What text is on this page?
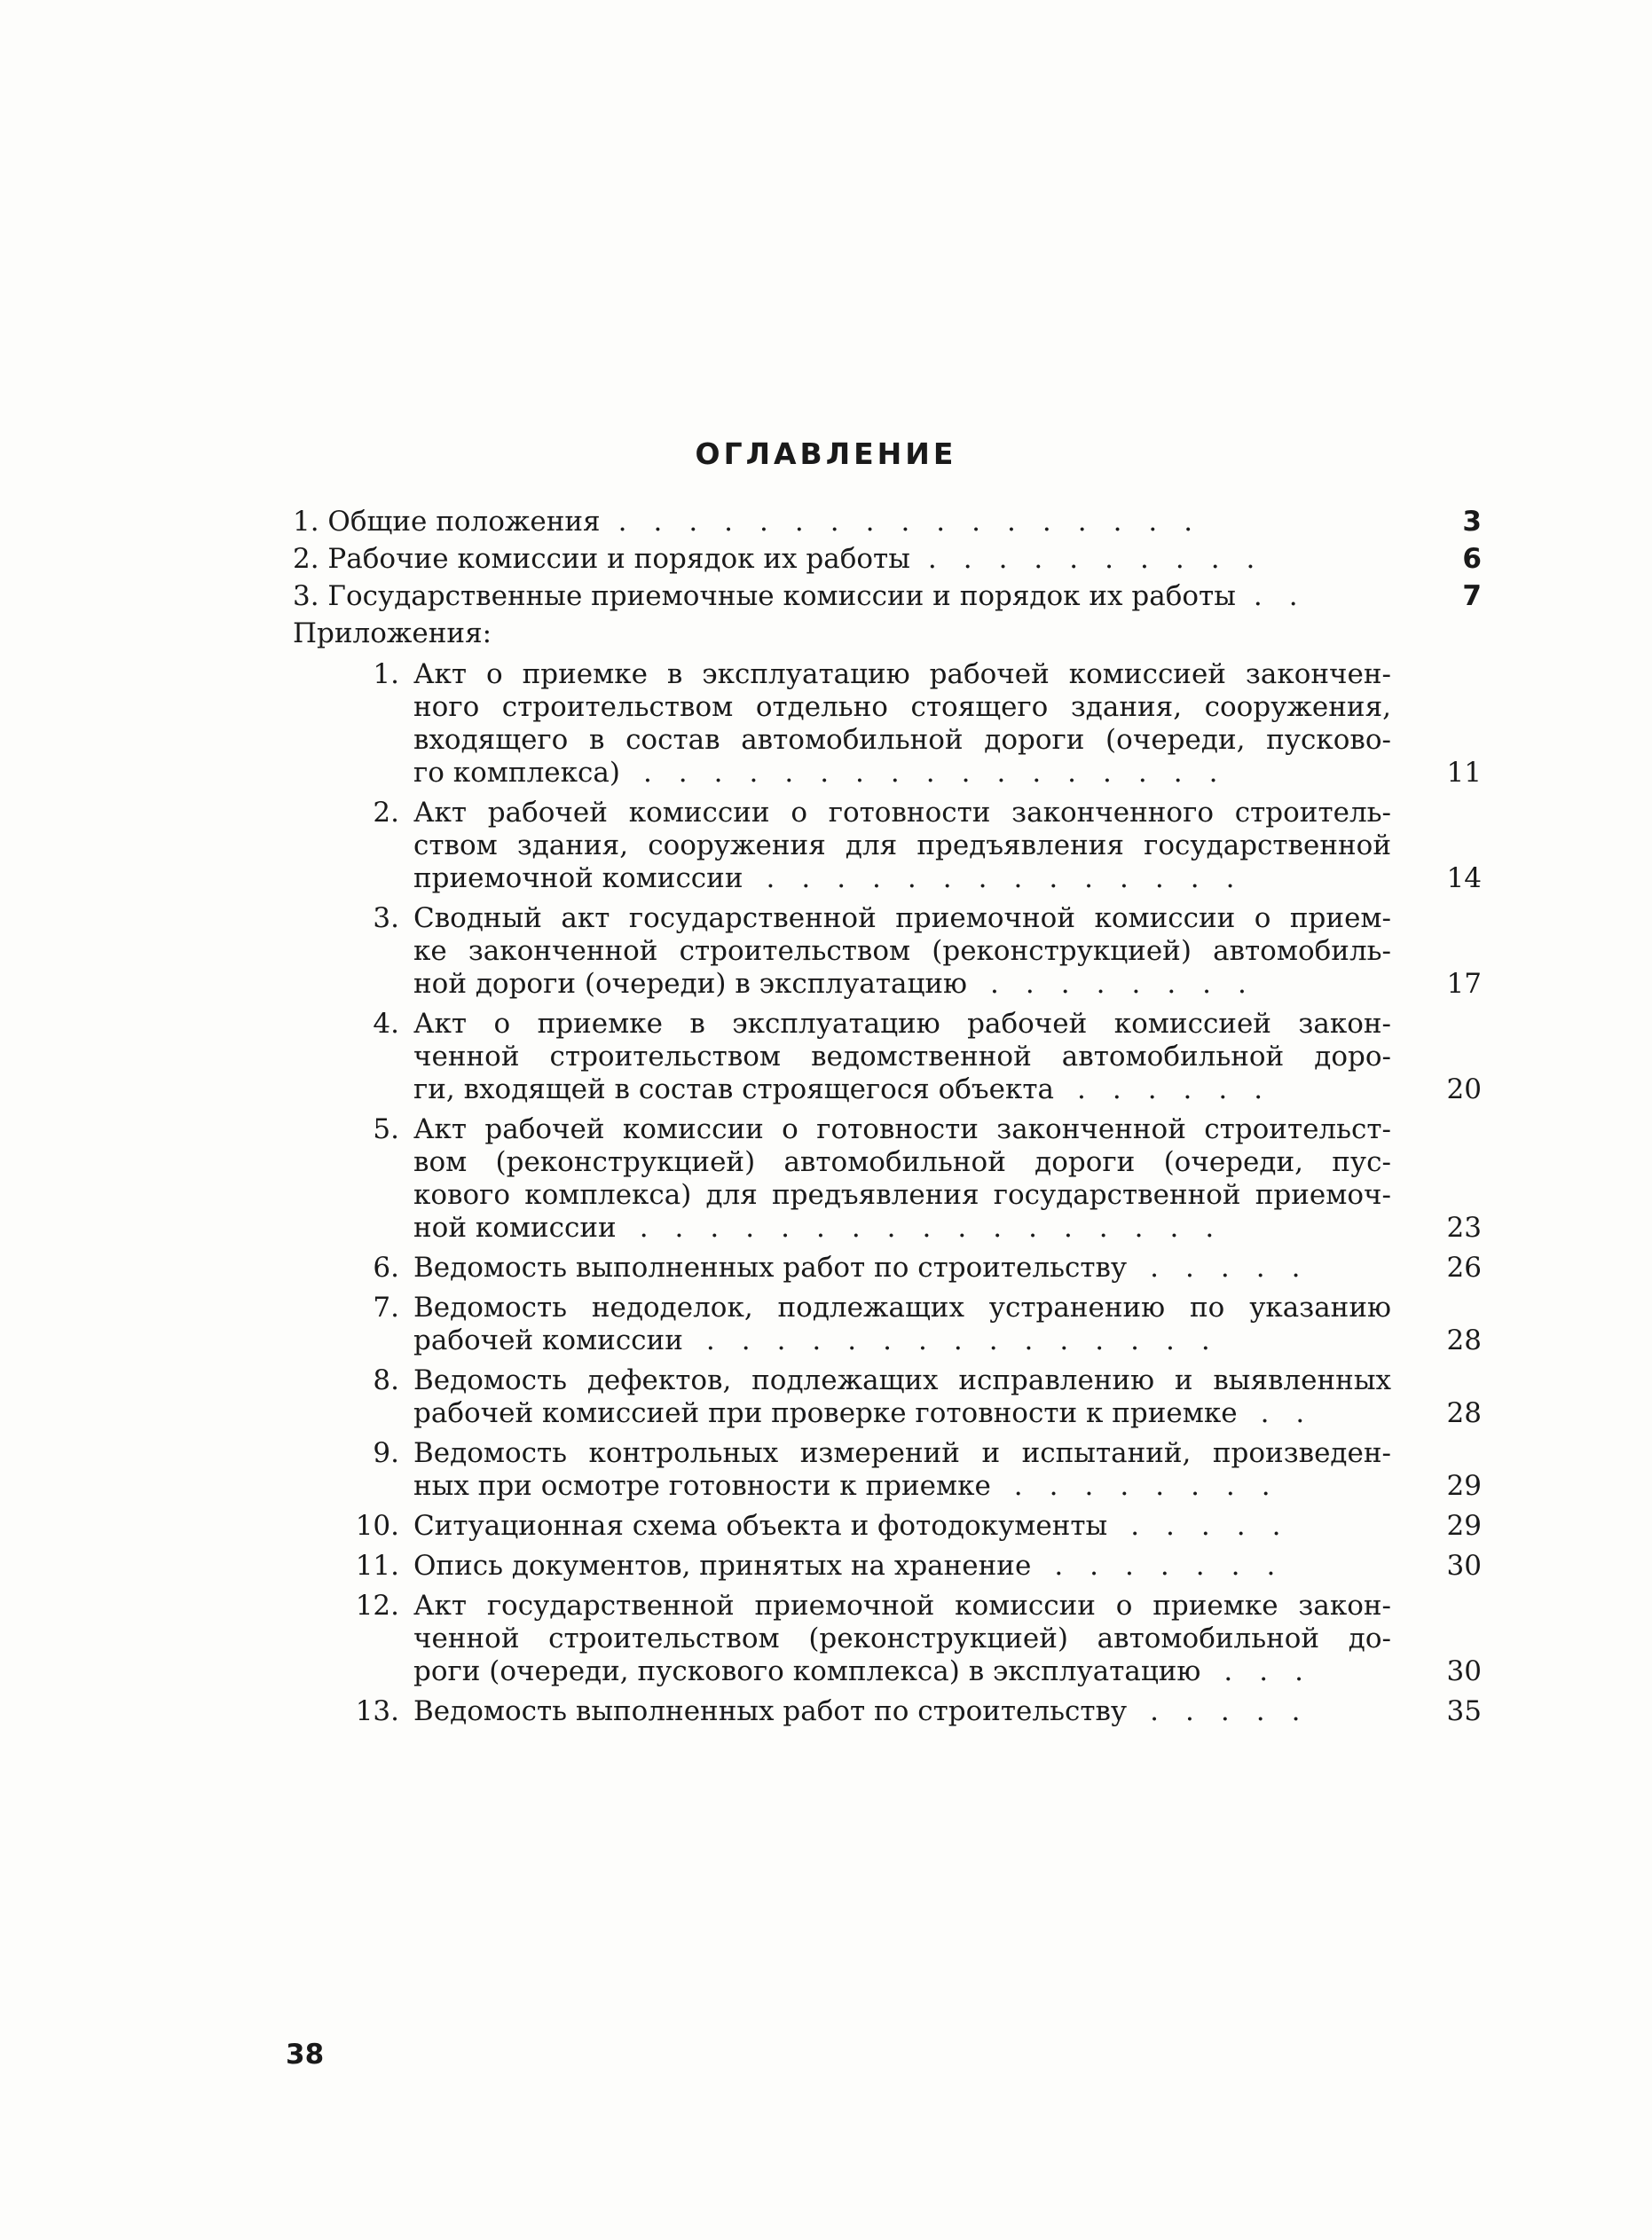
ОГЛАВЛЕНИЕ
1. Общие положения .................	3
2. Рабочие комиссии и порядок их работы ..........	6
3. Государственные приемочные комиссии и порядок их работы ..	7
Приложения:
1. Акт о приемке в эксплуатацию рабочей комиссией закончен-
ного строительством отдельно стоящего здания, сооружения,
входящего в состав автомобильной дороги (очереди, пусково-
го комплекса) .................	11
2. Акт рабочей комиссии о готовности законченного строитель-
ством здания, сооружения для предъявления государственной
приемочной комиссии ..............	14
3. Сводный акт государственной приемочной комиссии о прием-
ке законченной строительством (реконструкцией) автомобиль-
ной дороги (очереди) в эксплуатацию ........	17
4. Акт о приемке в эксплуатацию рабочей комиссией закон-
ченной строительством ведомственной автомобильной доро-
ги, входящей в состав строящегося объекта ......	20
5. Акт рабочей комиссии о готовности законченной строительст-
вом (реконструкцией) автомобильной дороги (очереди, пус-
кового комплекса) для предъявления государственной приемоч-
ной комиссии .................	23
6. Ведомость выполненных работ по строительству .....	26
7. Ведомость недоделок, подлежащих устранению по указанию
рабочей комиссии ...............	28
8. Ведомость дефектов, подлежащих исправлению и выявленных
рабочей комиссией при проверке готовности к приемке ..	28
9. Ведомость контрольных измерений и испытаний, произведен-
ных при осмотре готовности к приемке ........	29
10. Ситуационная схема объекта и фотодокументы .....	29
11. Опись документов, принятых на хранение .......	30
12. Акт государственной приемочной комиссии о приемке закон-
ченной строительством (реконструкцией) автомобильной до-
роги (очереди, пускового комплекса) в эксплуатацию ...	30
13. Ведомость выполненных работ по строительству .....	35
38
